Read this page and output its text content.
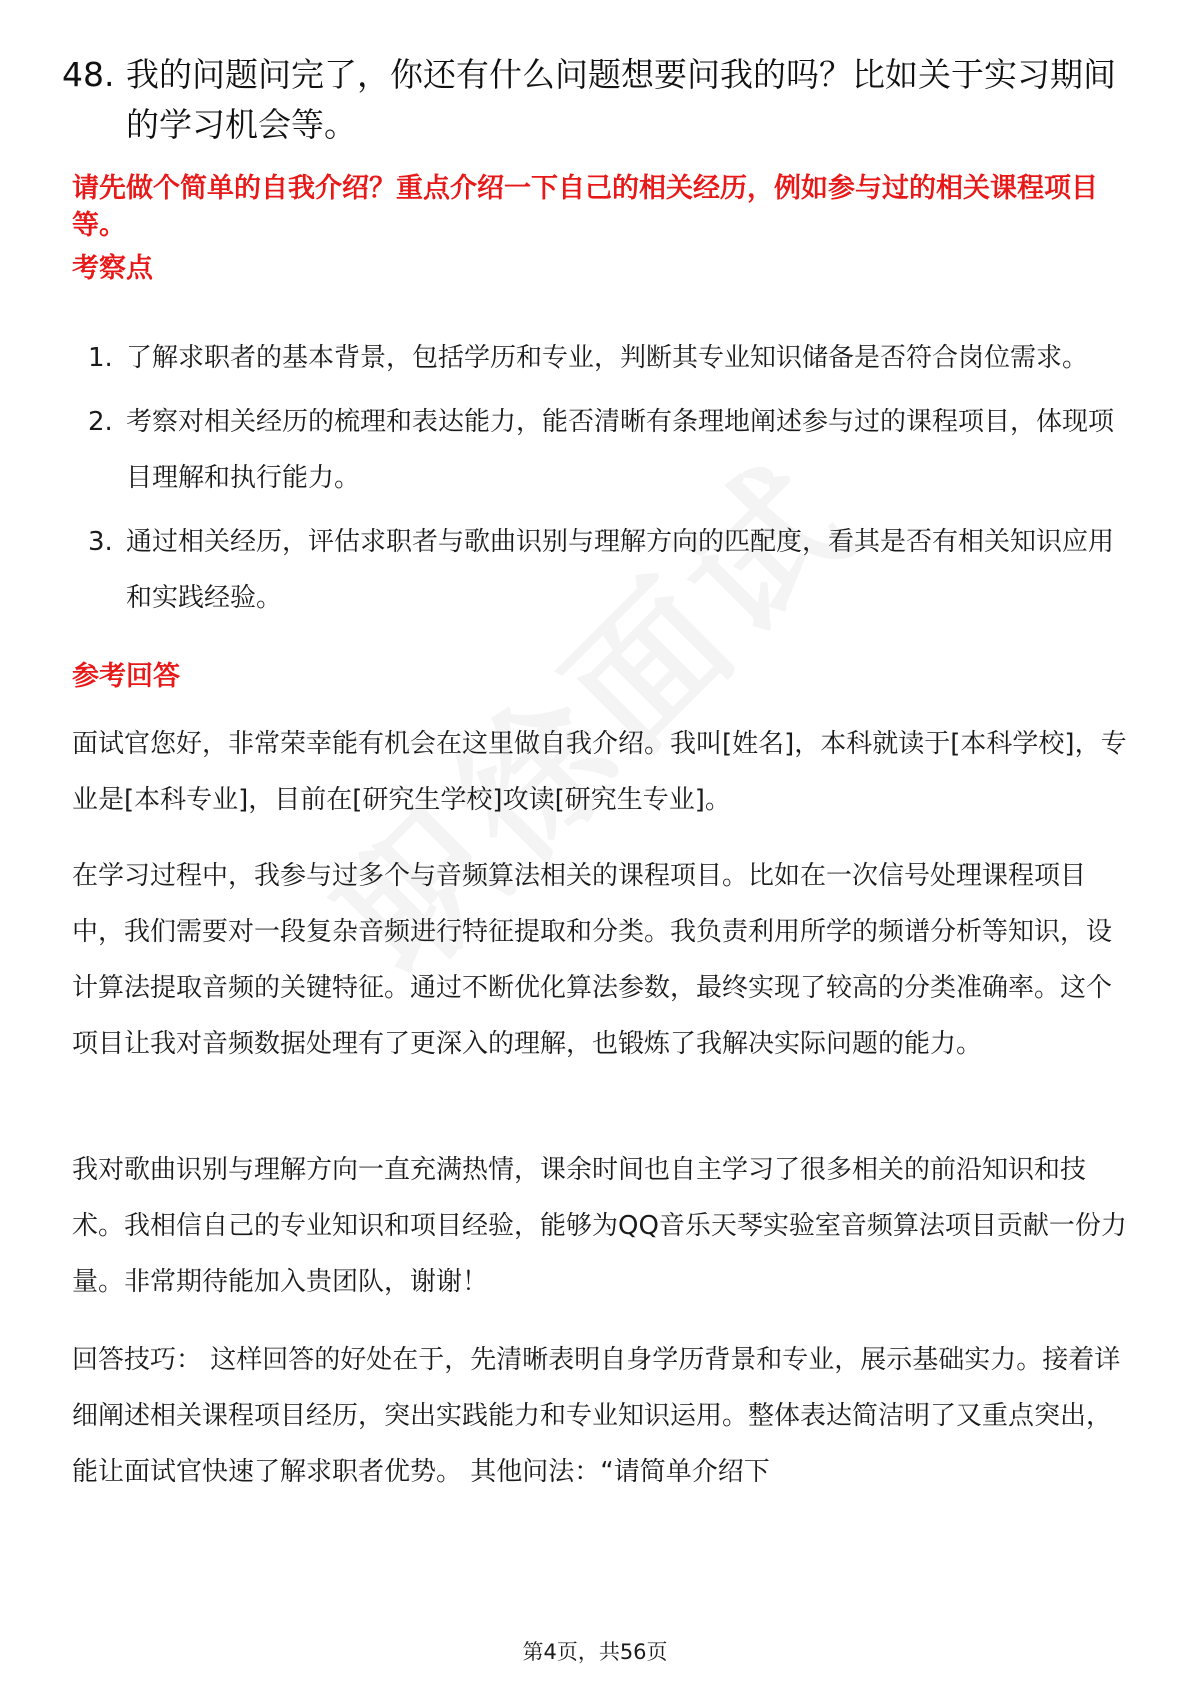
48. 我的问题问完了，你还有什么问题想要问我的吗？比如关于实习期间的学习机会等。
请先做个简单的自我介绍？重点介绍一下自己的相关经历，例如参与过的相关课程项目等。
考察点
1. 了解求职者的基本背景，包括学历和专业，判断其专业知识储备是否符合岗位需求。
2. 考察对相关经历的梳理和表达能力，能否清晰有条理地阐述参与过的课程项目，体现项目理解和执行能力。
3. 通过相关经历，评估求职者与歌曲识别与理解方向的匹配度，看其是否有相关知识应用和实践经验。
参考回答

面试官您好，非常荣幸能有机会在这里做自我介绍。我叫[姓名]，本科就读于[本科学校]，专业是[本科专业]，目前在[研究生学校]攻读[研究生专业]。

在学习过程中，我参与过多个与音频算法相关的课程项目。比如在一次信号处理课程项目中，我们需要对一段复杂音频进行特征提取和分类。我负责利用所学的频谱分析等知识，设计算法提取音频的关键特征。通过不断优化算法参数，最终实现了较高的分类准确率。这个项目让我对音频数据处理有了更深入的理解，也锻炼了我解决实际问题的能力。

我对歌曲识别与理解方向一直充满热情，课余时间也自主学习了很多相关的前沿知识和技术。我相信自己的专业知识和项目经验，能够为QQ音乐天琴实验室音频算法项目贡献一份力量。非常期待能加入贵团队，谢谢！

回答技巧： 这样回答的好处在于，先清晰表明自身学历背景和专业，展示基础实力。接着详细阐述相关课程项目经历，突出实践能力和专业知识运用。整体表达简洁明了又重点突出，能让面试官快速了解求职者优势。 其他问法：“请简单介绍下

第4页，共56页
